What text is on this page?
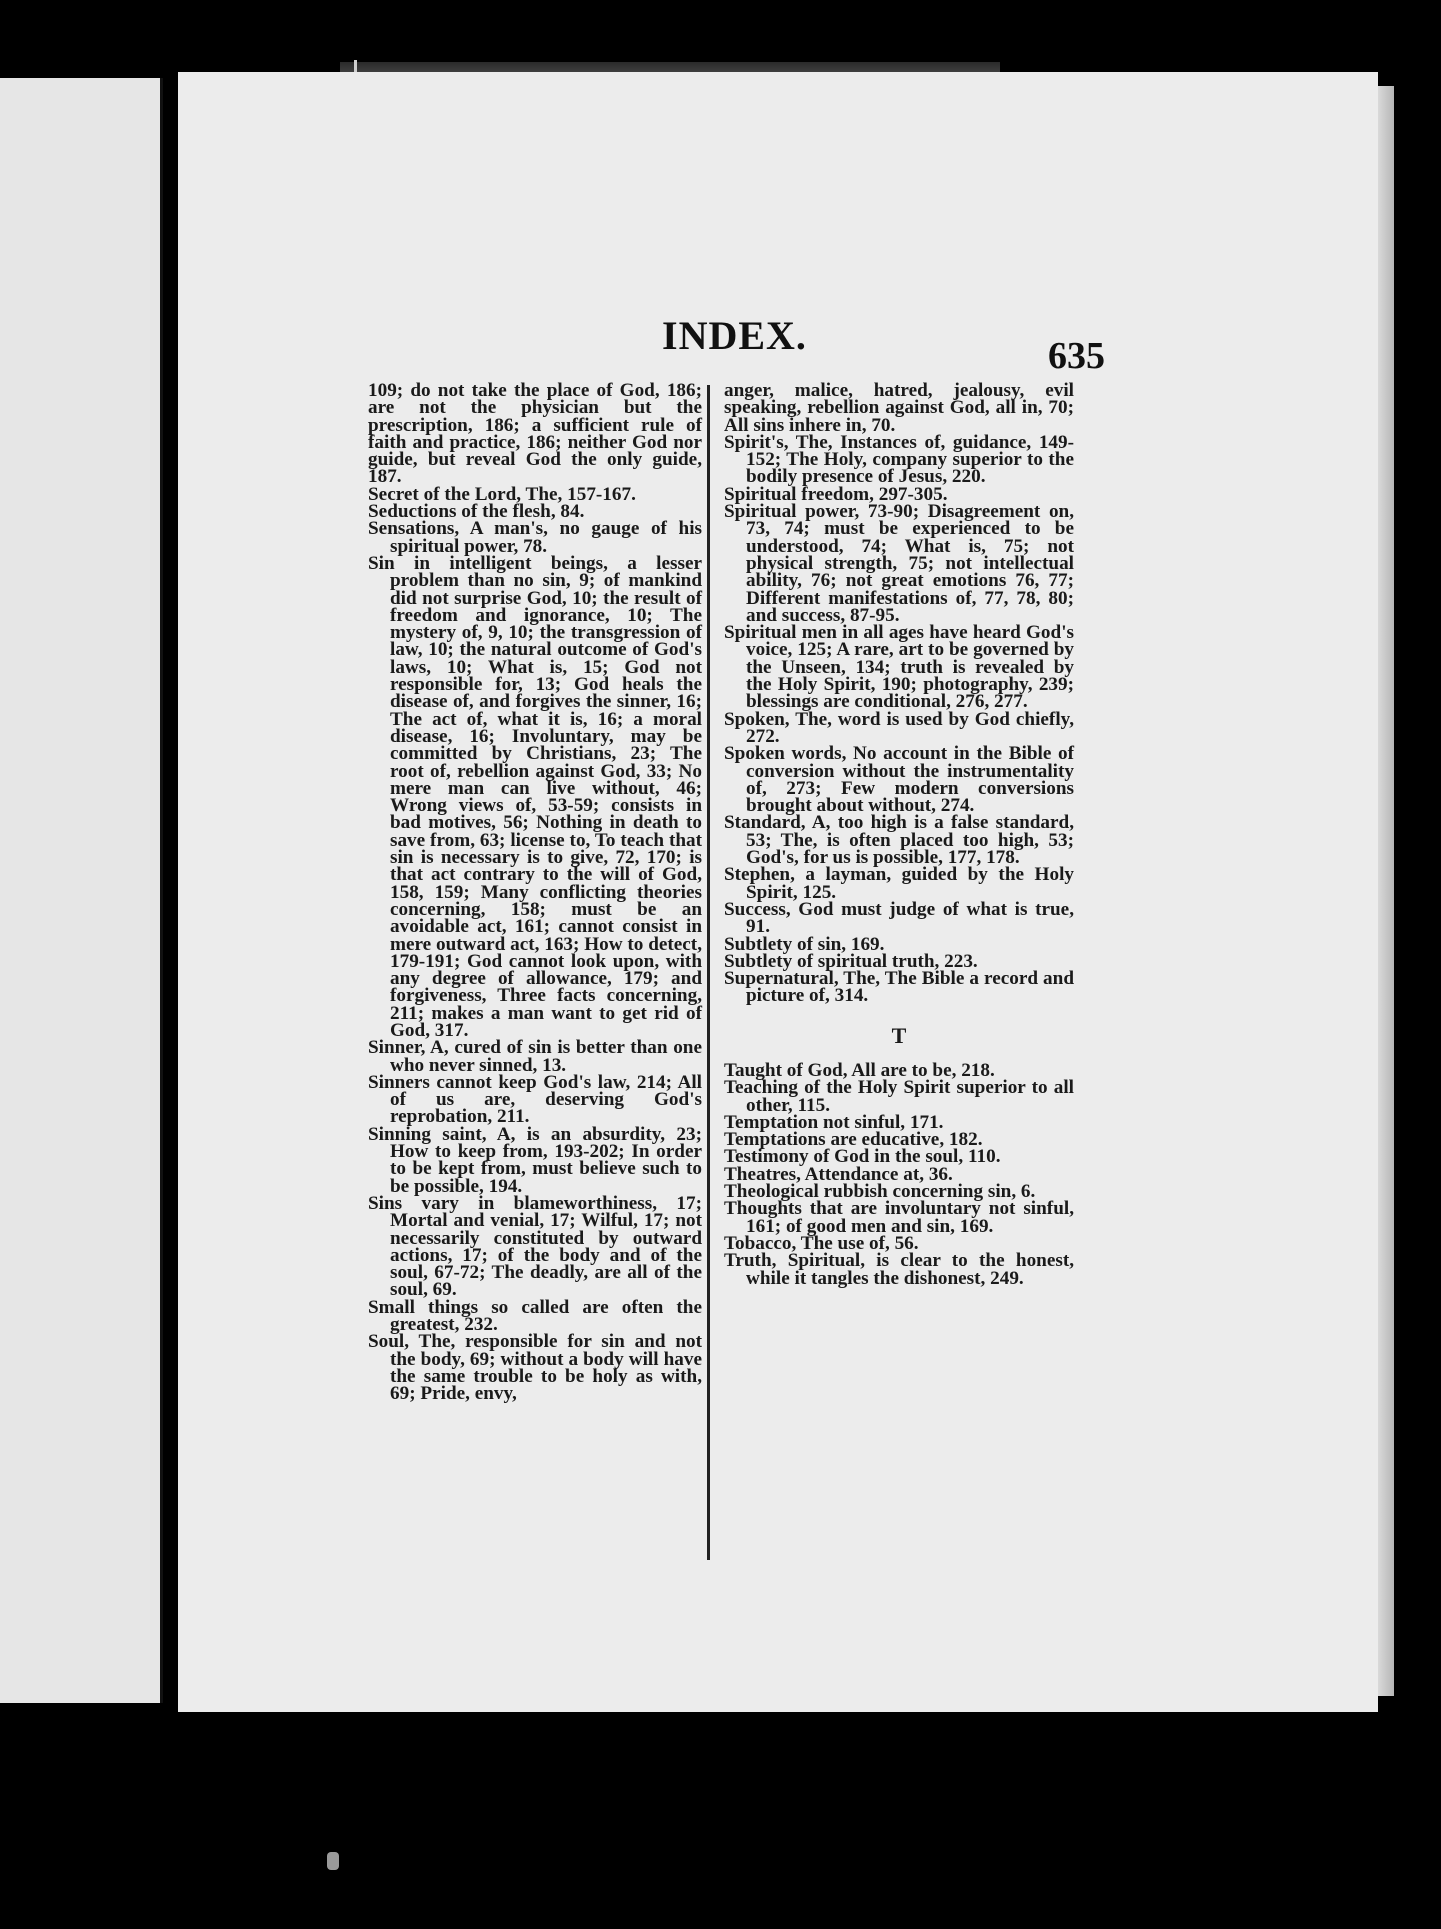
INDEX.	635

109; do not take the place of God, 186; are not the physician but the prescription, 186; a sufficient rule of faith and practice, 186; neither God nor guide, but reveal God the only guide, 187.

Secret of the Lord, The, 157-167.

Seductions of the flesh, 84.

Sensations, A man's, no gauge of his spiritual power, 78.

Sin in intelligent beings, a lesser problem than no sin, 9; of mankind did not surprise God, 10; the result of freedom and ignorance, 10; The mystery of, 9, 10; the transgression of law, 10; the natural outcome of God's laws, 10; What is, 15; God not responsible for, 13; God heals the disease of, and forgives the sinner, 16; The act of, what it is, 16; a moral disease, 16; Involuntary, may be committed by Christians, 23; The root of, rebellion against God, 33; No mere man can live without, 46; Wrong views of, 53-59; consists in bad motives, 56; Nothing in death to save from, 63; license to, To teach that sin is necessary is to give, 72, 170; is that act contrary to the will of God, 158, 159; Many conflicting theories concerning, 158; must be an avoidable act, 161; cannot consist in mere outward act, 163; How to detect, 179-191; God cannot look upon, with any degree of allowance, 179; and forgiveness, Three facts concerning, 211; makes a man want to get rid of God, 317.

Sinner, A, cured of sin is better than one who never sinned, 13.

Sinners cannot keep God's law, 214; All of us are, deserving God's reprobation, 211.

Sinning saint, A, is an absurdity, 23; How to keep from, 193-202; In order to be kept from, must believe such to be possible, 194.

Sins vary in blameworthiness, 17; Mortal and venial, 17; Wilful, 17; not necessarily constituted by outward actions, 17; of the body and of the soul, 67-72; The deadly, are all of the soul, 69.

Small things so called are often the greatest, 232.

Soul, The, responsible for sin and not the body, 69; without a body will have the same trouble to be holy as with, 69; Pride, envy,

anger, malice, hatred, jealousy, evil speaking, rebellion against God, all in, 70; All sins inhere in, 70.

Spirit's, The, Instances of, guidance, 149-152; The Holy, company superior to the bodily presence of Jesus, 220.

Spiritual freedom, 297-305.

Spiritual power, 73-90; Disagreement on, 73, 74; must be experienced to be understood, 74; What is, 75; not physical strength, 75; not intellectual ability, 76; not great emotions 76, 77; Different manifestations of, 77, 78, 80; and success, 87-95.

Spiritual men in all ages have heard God's voice, 125; A rare, art to be governed by the Unseen, 134; truth is revealed by the Holy Spirit, 190; photography, 239; blessings are conditional, 276, 277.

Spoken, The, word is used by God chiefly, 272.

Spoken words, No account in the Bible of conversion without the instrumentality of, 273; Few modern conversions brought about without, 274.

Standard, A, too high is a false standard, 53; The, is often placed too high, 53; God's, for us is possible, 177, 178.

Stephen, a layman, guided by the Holy Spirit, 125.

Success, God must judge of what is true, 91.

Subtlety of sin, 169.

Subtlety of spiritual truth, 223.

Supernatural, The, The Bible a record and picture of, 314.

T

Taught of God, All are to be, 218.

Teaching of the Holy Spirit superior to all other, 115.

Temptation not sinful, 171.

Temptations are educative, 182.

Testimony of God in the soul, 110.

Theatres, Attendance at, 36.

Theological rubbish concerning sin, 6.

Thoughts that are involuntary not sinful, 161; of good men and sin, 169.

Tobacco, The use of, 56.

Truth, Spiritual, is clear to the honest, while it tangles the dishonest, 249.
